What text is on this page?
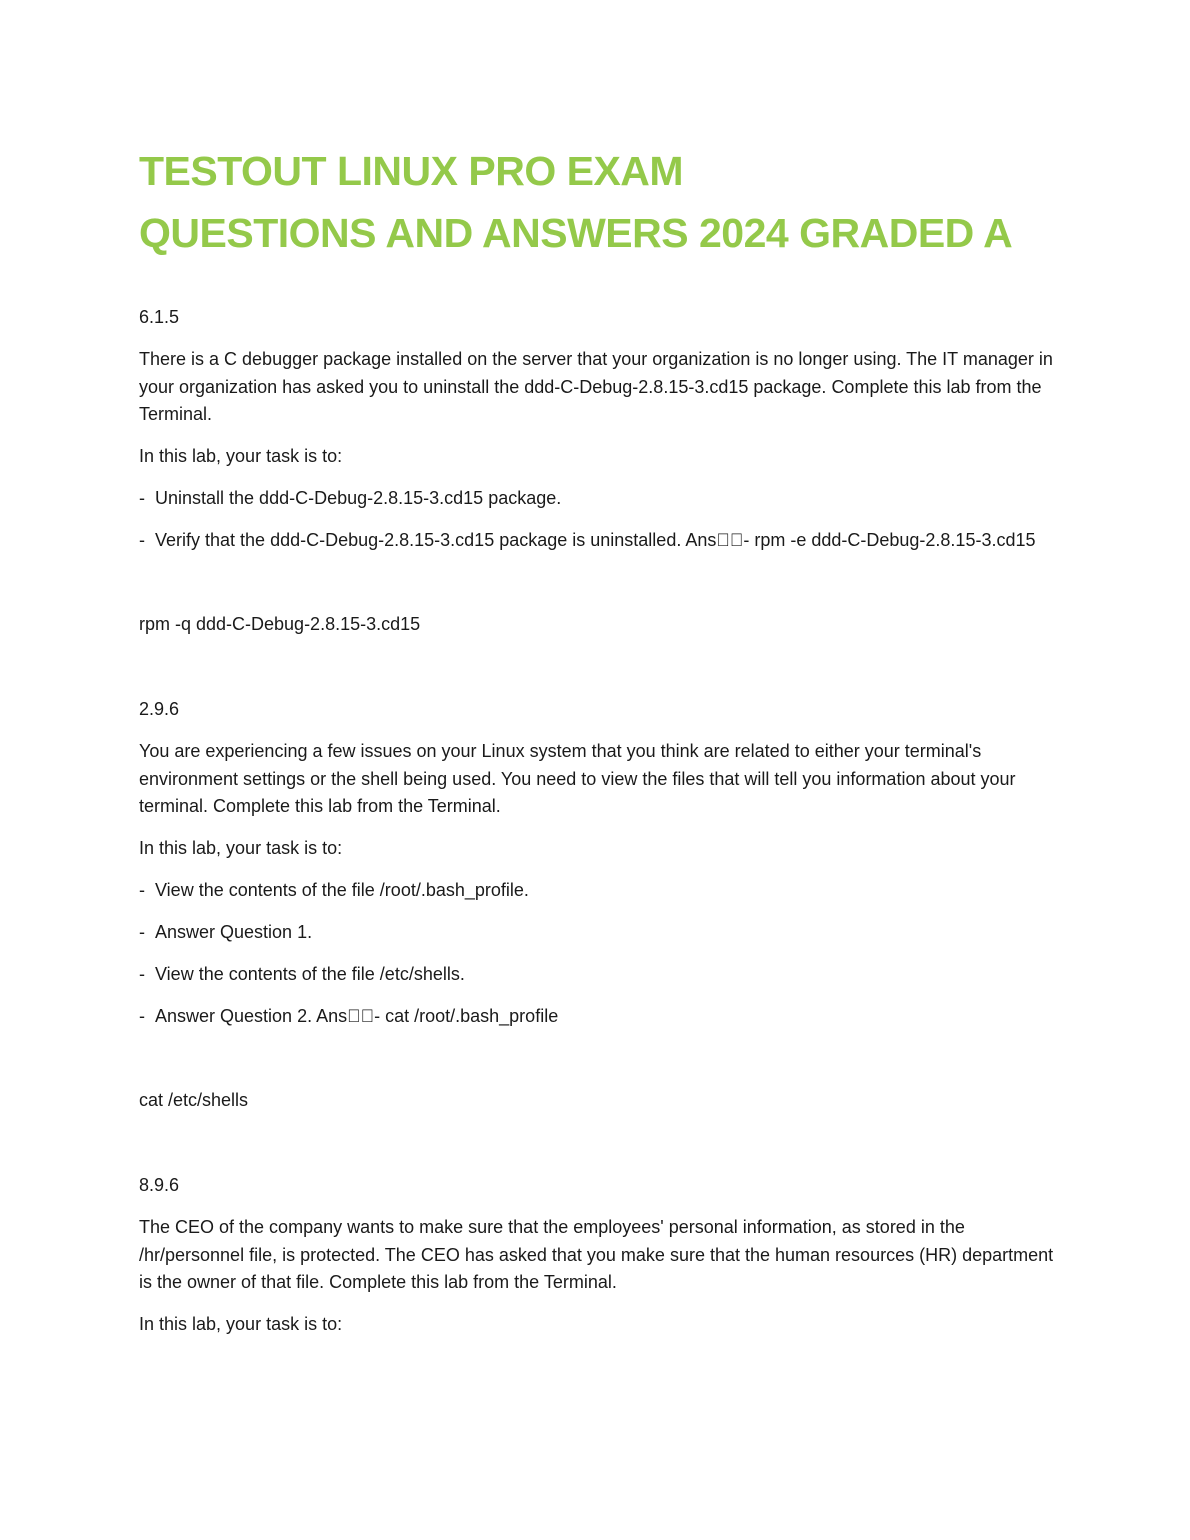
TESTOUT LINUX PRO EXAM
QUESTIONS AND ANSWERS 2024 GRADED A

6.1.5

There is a C debugger package installed on the server that your organization is no longer using. The IT manager in your organization has asked you to uninstall the ddd-C-Debug-2.8.15-3.cd15 package. Complete this lab from the Terminal.

In this lab, your task is to:

- Uninstall the ddd-C-Debug-2.8.15-3.cd15 package.
- Verify that the ddd-C-Debug-2.8.15-3.cd15 package is uninstalled. Ans  - rpm -e ddd-C-Debug-2.8.15-3.cd15

rpm -q ddd-C-Debug-2.8.15-3.cd15

2.9.6

You are experiencing a few issues on your Linux system that you think are related to either your terminal's environment settings or the shell being used. You need to view the files that will tell you information about your terminal. Complete this lab from the Terminal.

In this lab, your task is to:

- View the contents of the file /root/.bash_profile.
- Answer Question 1.
- View the contents of the file /etc/shells.
- Answer Question 2. Ans  - cat /root/.bash_profile

cat /etc/shells

8.9.6

The CEO of the company wants to make sure that the employees' personal information, as stored in the /hr/personnel file, is protected. The CEO has asked that you make sure that the human resources (HR) department is the owner of that file. Complete this lab from the Terminal.

In this lab, your task is to:
